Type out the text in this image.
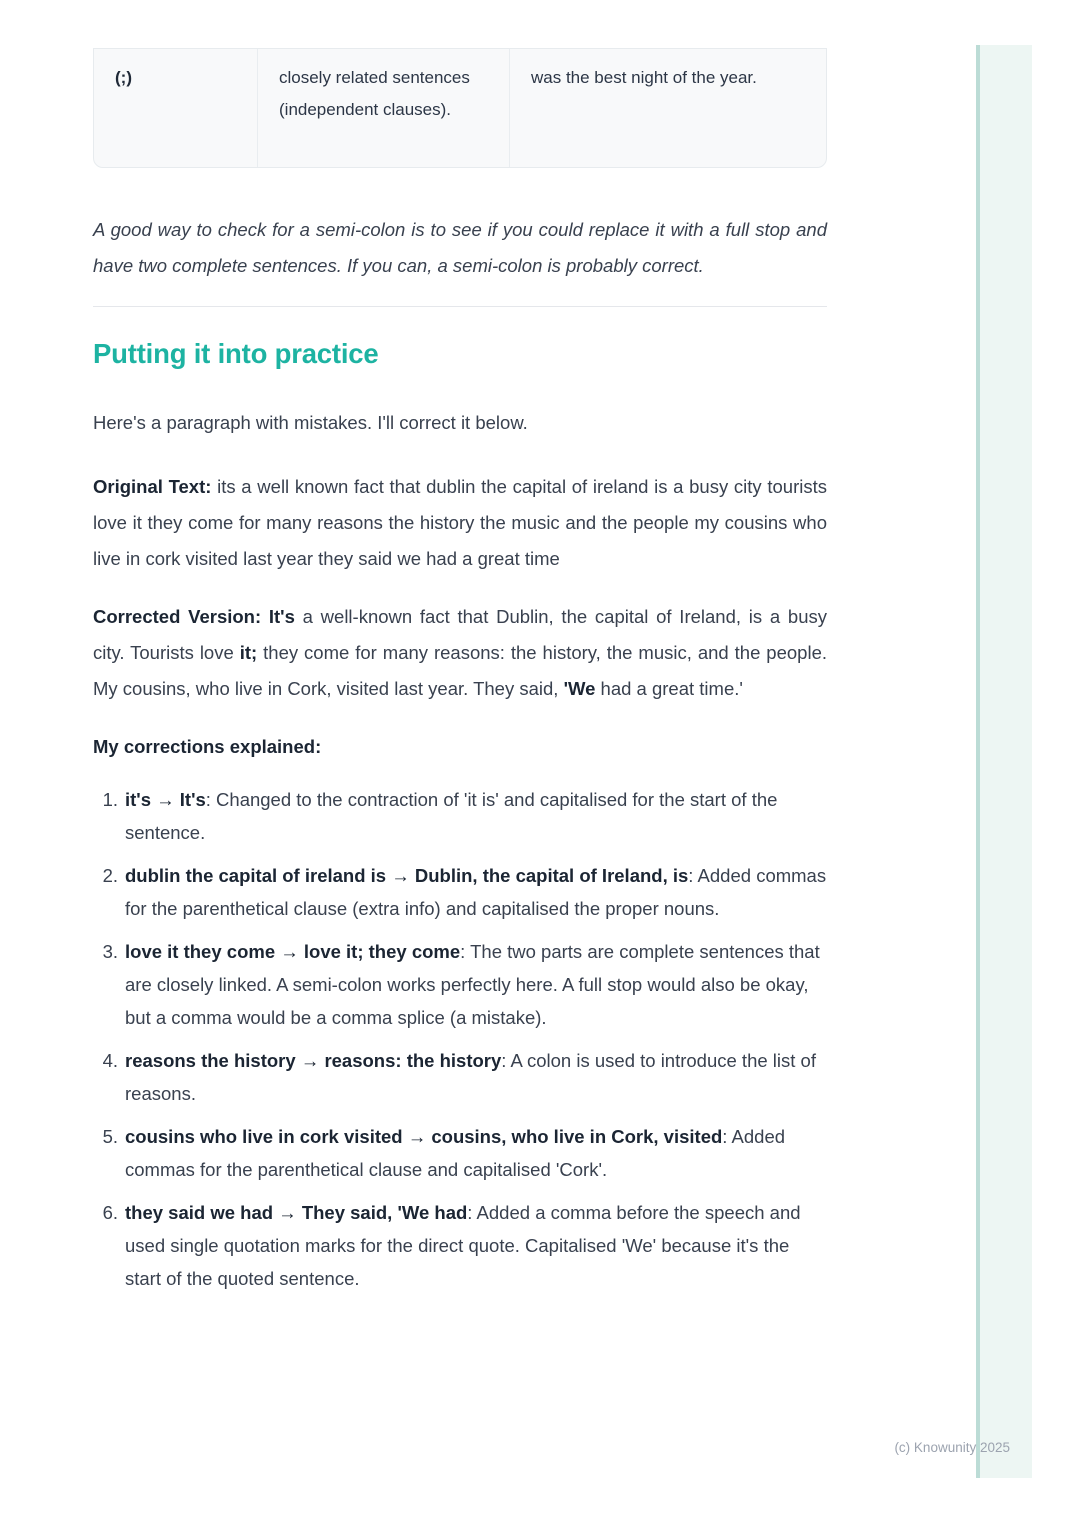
(c) Knowunity 2025
(;)	closely related sentences (independent clauses).
was the best night of the year.

A good way to check for a semi-colon is to see if you could replace it with a full stop and have two complete sentences. If you can, a semi-colon is probably correct.

Putting it into practice

Here's a paragraph with mistakes. I'll correct it below.

Original Text: its a well known fact that dublin the capital of ireland is a busy city tourists love it they come for many reasons the history the music and the people my cousins who live in cork visited last year they said we had a great time

Corrected Version: It's a well-known fact that Dublin, the capital of Ireland, is a busy city. Tourists love it; they come for many reasons: the history, the music, and the people. My cousins, who live in Cork, visited last year. They said, 'We had a great time.'

My corrections explained:

1. it's → It's: Changed to the contraction of 'it is' and capitalised for the start of the sentence.
2. dublin the capital of ireland is → Dublin, the capital of Ireland, is: Added commas for the parenthetical clause (extra info) and capitalised the proper nouns.
3. love it they come → love it; they come: The two parts are complete sentences that are closely linked. A semi-colon works perfectly here. A full stop would also be okay, but a comma would be a comma splice (a mistake).
4. reasons the history → reasons: the history: A colon is used to introduce the list of reasons.
5. cousins who live in cork visited → cousins, who live in Cork, visited: Added commas for the parenthetical clause and capitalised 'Cork'.
6. they said we had → They said, 'We had: Added a comma before the speech and used single quotation marks for the direct quote. Capitalised 'We' because it's the start of the quoted sentence.
